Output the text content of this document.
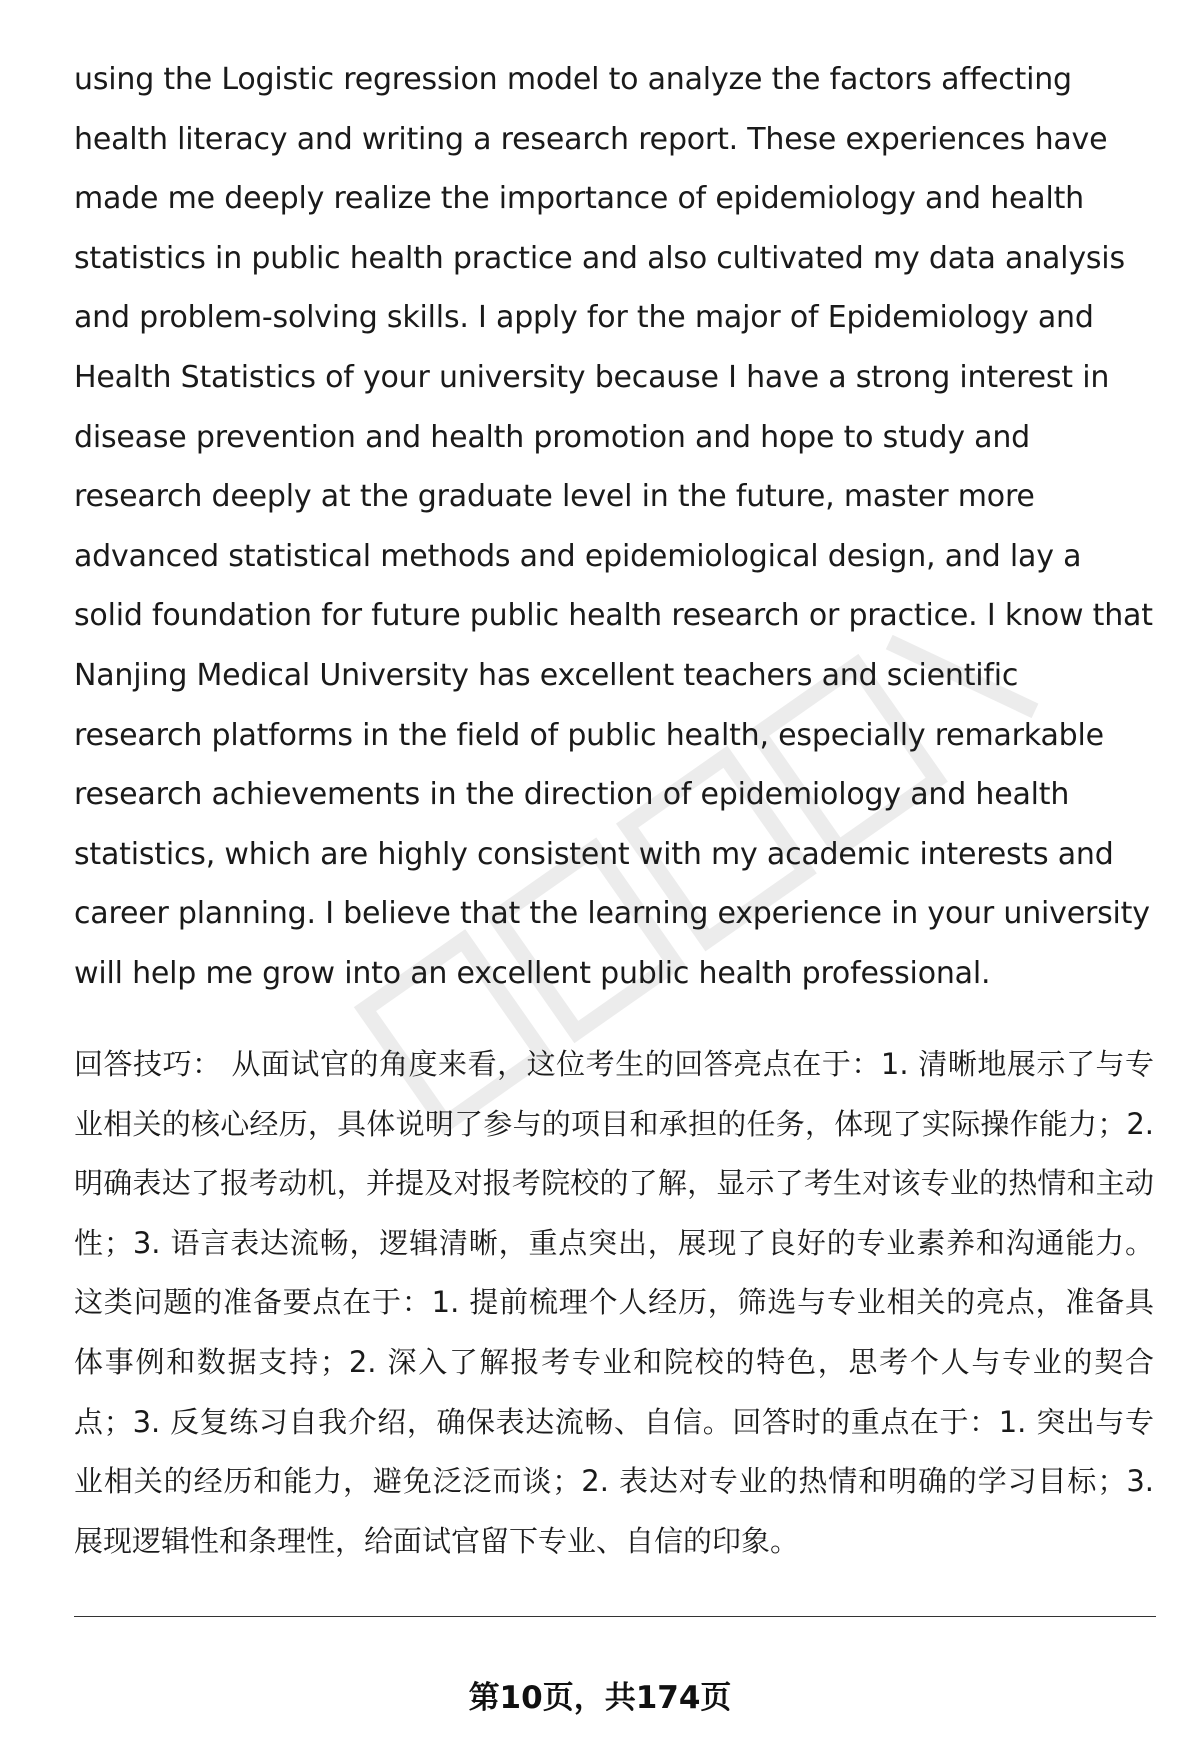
using the Logistic regression model to analyze the factors affecting health literacy and writing a research report. These experiences have made me deeply realize the importance of epidemiology and health statistics in public health practice and also cultivated my data analysis and problem-solving skills. I apply for the major of Epidemiology and Health Statistics of your university because I have a strong interest in disease prevention and health promotion and hope to study and research deeply at the graduate level in the future, master more advanced statistical methods and epidemiological design, and lay a solid foundation for future public health research or practice. I know that Nanjing Medical University has excellent teachers and scientific research platforms in the field of public health, especially remarkable research achievements in the direction of epidemiology and health statistics, which are highly consistent with my academic interests and career planning. I believe that the learning experience in your university will help me grow into an excellent public health professional.

回答技巧： 从面试官的角度来看，这位考生的回答亮点在于：1. 清晰地展示了与专业相关的核心经历，具体说明了参与的项目和承担的任务，体现了实际操作能力；2. 明确表达了报考动机，并提及对报考院校的了解，显示了考生对该专业的热情和主动性；3. 语言表达流畅，逻辑清晰，重点突出，展现了良好的专业素养和沟通能力。这类问题的准备要点在于：1. 提前梳理个人经历，筛选与专业相关的亮点，准备具体事例和数据支持；2. 深入了解报考专业和院校的特色，思考个人与专业的契合点；3. 反复练习自我介绍，确保表达流畅、自信。回答时的重点在于：1. 突出与专业相关的经历和能力，避免泛泛而谈；2. 表达对专业的热情和明确的学习目标；3. 展现逻辑性和条理性，给面试官留下专业、自信的印象。

第10页，共174页
